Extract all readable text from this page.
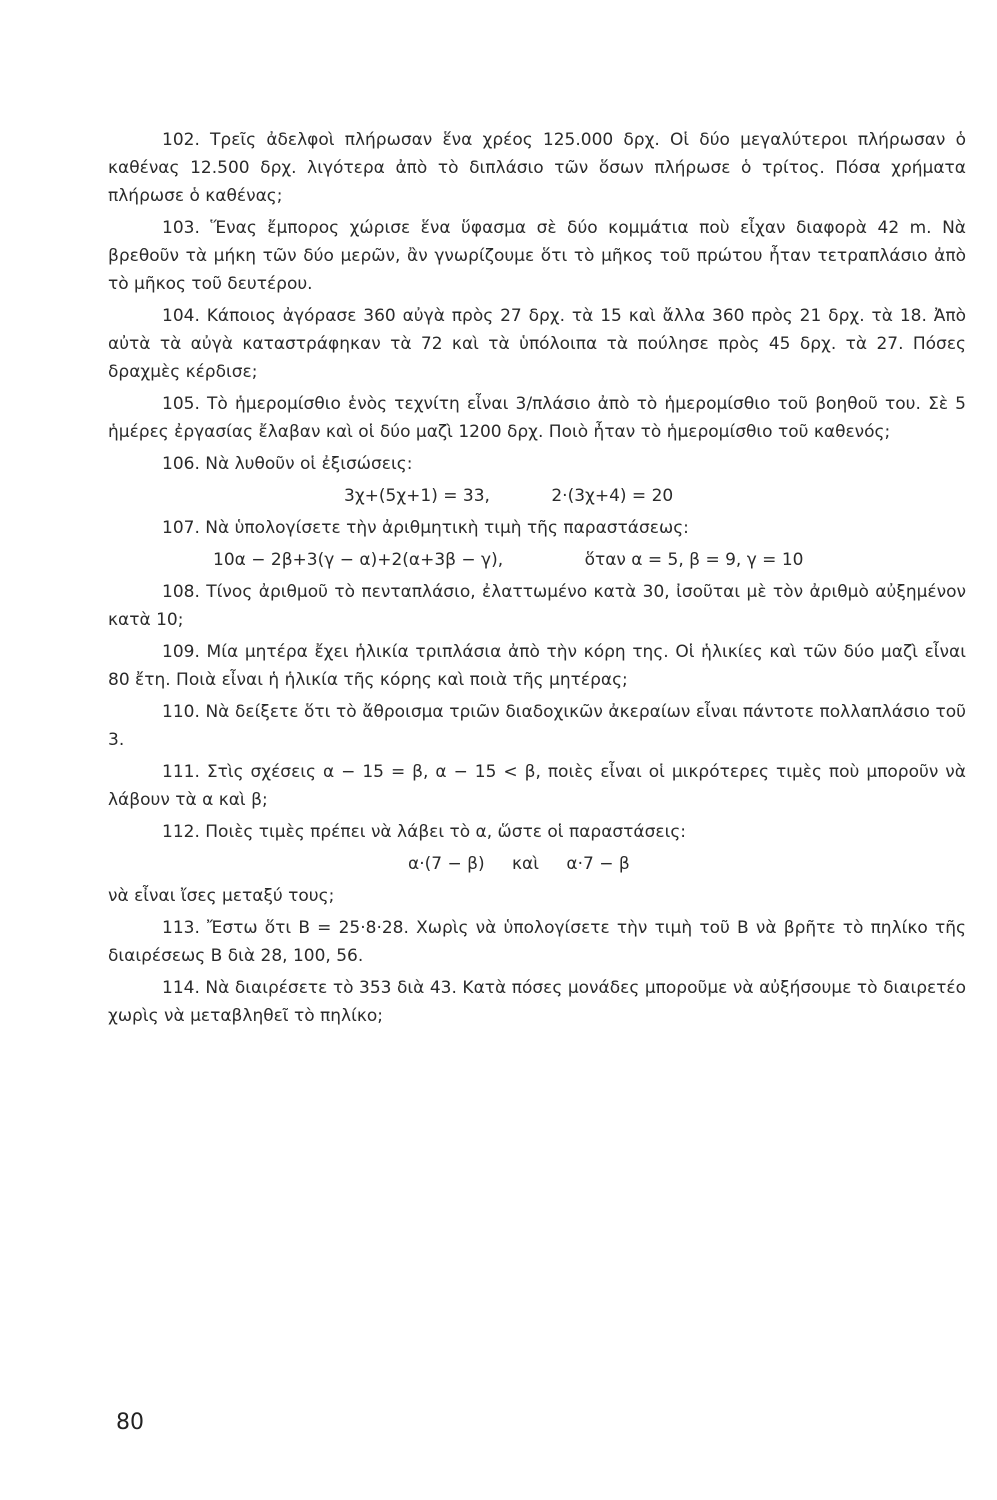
102. Τρεῖς ἀδελφοὶ πλήρωσαν ἕνα χρέος 125.000 δρχ. Οἱ δύο μεγαλύτεροι πλήρωσαν ὁ καθένας 12.500 δρχ. λιγότερα ἀπὸ τὸ διπλάσιο τῶν ὅσων πλήρωσε ὁ τρίτος. Πόσα χρήματα πλήρωσε ὁ καθένας;

103. Ἕνας ἔμπορος χώρισε ἕνα ὕφασμα σὲ δύο κομμάτια ποὺ εἶχαν διαφορὰ 42 m. Νὰ βρεθοῦν τὰ μήκη τῶν δύο μερῶν, ἂν γνωρίζουμε ὅτι τὸ μῆκος τοῦ πρώτου ἦταν τετραπλάσιο ἀπὸ τὸ μῆκος τοῦ δευτέρου.

104. Κάποιος ἀγόρασε 360 αὐγὰ πρὸς 27 δρχ. τὰ 15 καὶ ἄλλα 360 πρὸς 21 δρχ. τὰ 18. Ἀπὸ αὐτὰ τὰ αὐγὰ καταστράφηκαν τὰ 72 καὶ τὰ ὑπόλοιπα τὰ πούλησε πρὸς 45 δρχ. τὰ 27. Πόσες δραχμὲς κέρδισε;

105. Τὸ ἡμερομίσθιο ἑνὸς τεχνίτη εἶναι 3/πλάσιο ἀπὸ τὸ ἡμερομίσθιο τοῦ βοηθοῦ του. Σὲ 5 ἡμέρες ἐργασίας ἔλαβαν καὶ οἱ δύο μαζὶ 1200 δρχ. Ποιὸ ἦταν τὸ ἡμερομίσθιο τοῦ καθενός;

106. Νὰ λυθοῦν οἱ ἐξισώσεις:

3χ+(5χ+1) = 33,	2·(3χ+4) = 20

107. Νὰ ὑπολογίσετε τὴν ἀριθμητικὴ τιμὴ τῆς παραστάσεως:

10α − 2β+3(γ − α)+2(α+3β − γ),	ὅταν α = 5, β = 9, γ = 10

108. Τίνος ἀριθμοῦ τὸ πενταπλάσιο, ἐλαττωμένο κατὰ 30, ἰσοῦται μὲ τὸν ἀριθμὸ αὐξημένον κατὰ 10;

109. Μία μητέρα ἔχει ἡλικία τριπλάσια ἀπὸ τὴν κόρη της. Οἱ ἡλικίες καὶ τῶν δύο μαζὶ εἶναι 80 ἔτη. Ποιὰ εἶναι ἡ ἡλικία τῆς κόρης καὶ ποιὰ τῆς μητέρας;

110. Νὰ δείξετε ὅτι τὸ ἄθροισμα τριῶν διαδοχικῶν ἀκεραίων εἶναι πάντοτε πολλαπλάσιο τοῦ 3.

111. Στὶς σχέσεις α − 15 = β, α − 15 < β, ποιὲς εἶναι οἱ μικρότερες τιμὲς ποὺ μποροῦν νὰ λάβουν τὰ α καὶ β;

112. Ποιὲς τιμὲς πρέπει νὰ λάβει τὸ α, ὥστε οἱ παραστάσεις:

α·(7 − β) καὶ α·7 − β

νὰ εἶναι ἴσες μεταξύ τους;

113. Ἔστω ὅτι Β = 25·8·28. Χωρὶς νὰ ὑπολογίσετε τὴν τιμὴ τοῦ Β νὰ βρῆτε τὸ πηλίκο τῆς διαιρέσεως Β διὰ 28, 100, 56.

114. Νὰ διαιρέσετε τὸ 353 διὰ 43. Κατὰ πόσες μονάδες μποροῦμε νὰ αὐξήσουμε τὸ διαιρετέο χωρὶς νὰ μεταβληθεῖ τὸ πηλίκο;

80
